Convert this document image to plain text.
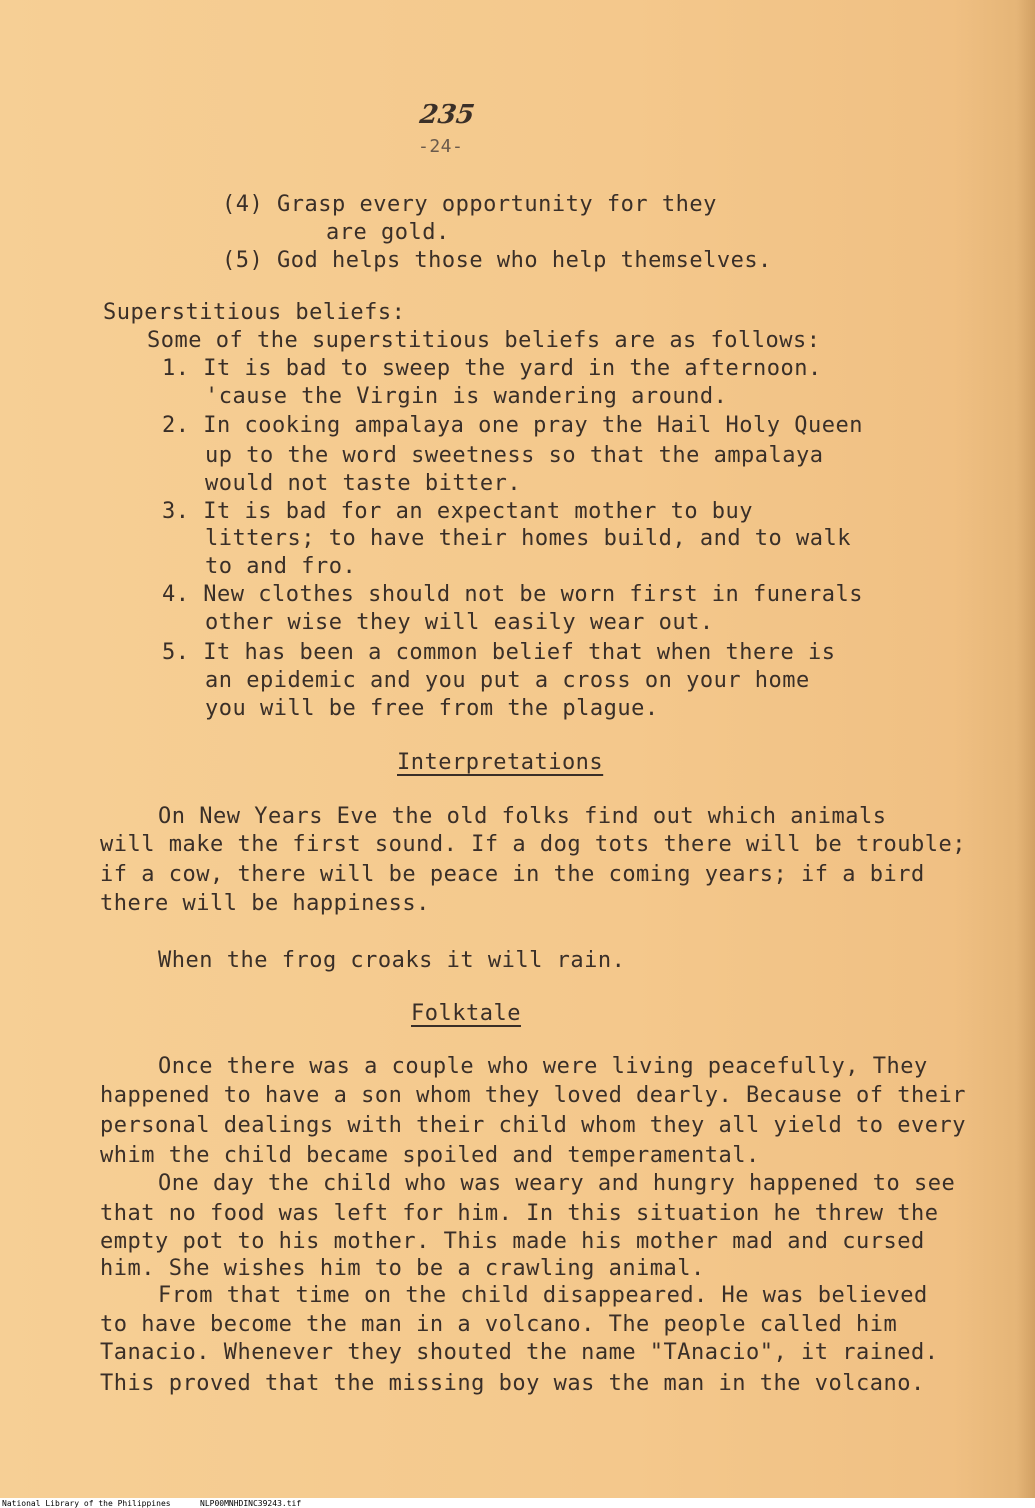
235
-24-
(4) Grasp every opportunity for they
are gold.
(5) God helps those who help themselves.
Superstitious beliefs:
Some of the superstitious beliefs are as follows:
1. It is bad to sweep the yard in the afternoon.
'cause the Virgin is wandering around.
2. In cooking ampalaya one pray the Hail Holy Queen
up to the word sweetness so that the ampalaya
would not taste bitter.
3. It is bad for an expectant mother to buy
litters; to have their homes build, and to walk
to and fro.
4. New clothes should not be worn first in funerals
other wise they will easily wear out.
5. It has been a common belief that when there is
an epidemic and you put a cross on your home
you will be free from the plague.
Interpretations
On New Years Eve the old folks find out which animals
will make the first sound. If a dog tots there will be trouble;
if a cow, there will be peace in the coming years; if a bird
there will be happiness.
When the frog croaks it will rain.
Folktale
Once there was a couple who were living peacefully, They
happened to have a son whom they loved dearly. Because of their
personal dealings with their child whom they all yield to every
whim the child became spoiled and temperamental.
One day the child who was weary and hungry happened to see
that no food was left for him. In this situation he threw the
empty pot to his mother. This made his mother mad and cursed
him. She wishes him to be a crawling animal.
From that time on the child disappeared. He was believed
to have become the man in a volcano. The people called him
Tanacio. Whenever they shouted the name "TAnacio", it rained.
This proved that the missing boy was the man in the volcano.
National Library of the Philippines	NLP00MNHDINC39243.tif
